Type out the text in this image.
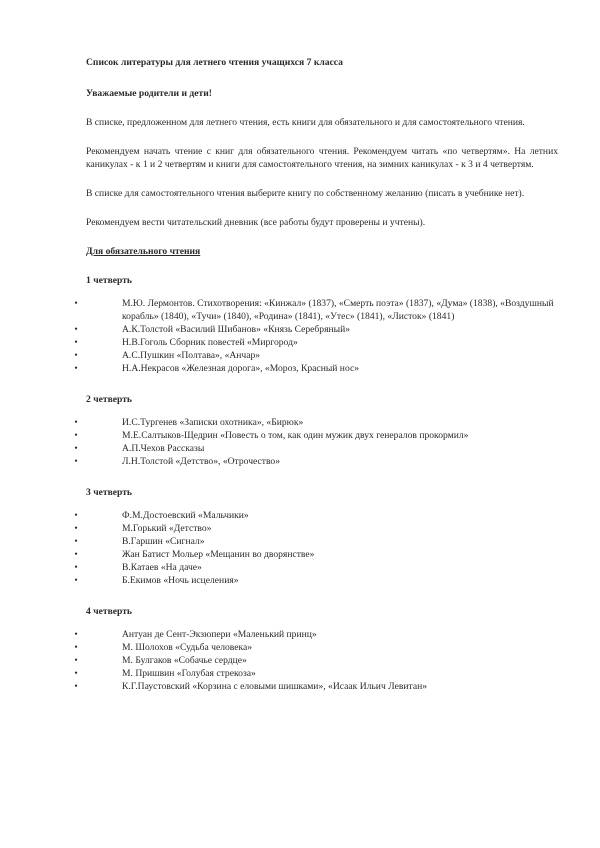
Список литературы для летнего чтения учащихся 7 класса
Уважаемые родители и дети!
В списке, предложенном для летнего чтения, есть книги для обязательного и для самостоятельного чтения.
Рекомендуем начать чтение с книг для обязательного чтения. Рекомендуем читать «по четвертям». На летних каникулах - к 1 и 2 четвертям и книги для самостоятельного чтения, на зимних каникулах - к 3 и 4 четвертям.
В списке для самостоятельного чтения выберите книгу по собственному желанию (писать в учебнике нет).
Рекомендуем вести читательский дневник (все работы будут проверены и учтены).
Для обязательного чтения
1 четверть
•	М.Ю. Лермонтов. Стихотворения: «Кинжал» (1837), «Смерть поэта» (1837), «Дума» (1838), «Воздушный корабль» (1840), «Тучи» (1840), «Родина» (1841), «Утес» (1841), «Листок» (1841)
•	А.К.Толстой «Василий Шибанов» «Князь Серебряный»
•	Н.В.Гоголь Сборник повестей «Миргород»
•	А.С.Пушкин «Полтава», «Анчар»
•	Н.А.Некрасов «Железная дорога», «Мороз, Красный нос»
2 четверть
•	И.С.Тургенев «Записки охотника», «Бирюк»
•	М.Е.Салтыков-Щедрин «Повесть о том, как один мужик двух генералов прокормил»
•	А.П.Чехов Рассказы
•	Л.Н.Толстой «Детство», «Отрочество»
3 четверть
•	Ф.М.Достоевский «Мальчики»
•	М.Горький «Детство»
•	В.Гаршин «Сигнал»
•	Жан Батист Мольер «Мещанин во дворянстве»
•	В.Катаев «На даче»
•	Б.Екимов «Ночь исцеления»
4 четверть
•	Антуан де Сент-Экзюпери «Маленький принц»
•	М. Шолохов «Судьба человека»
•	М. Булгаков «Собачье сердце»
•	М. Пришвин «Голубая стрекоза»
•	К.Г.Паустовский «Корзина с еловыми шишками», «Исаак Ильич Левитан»
